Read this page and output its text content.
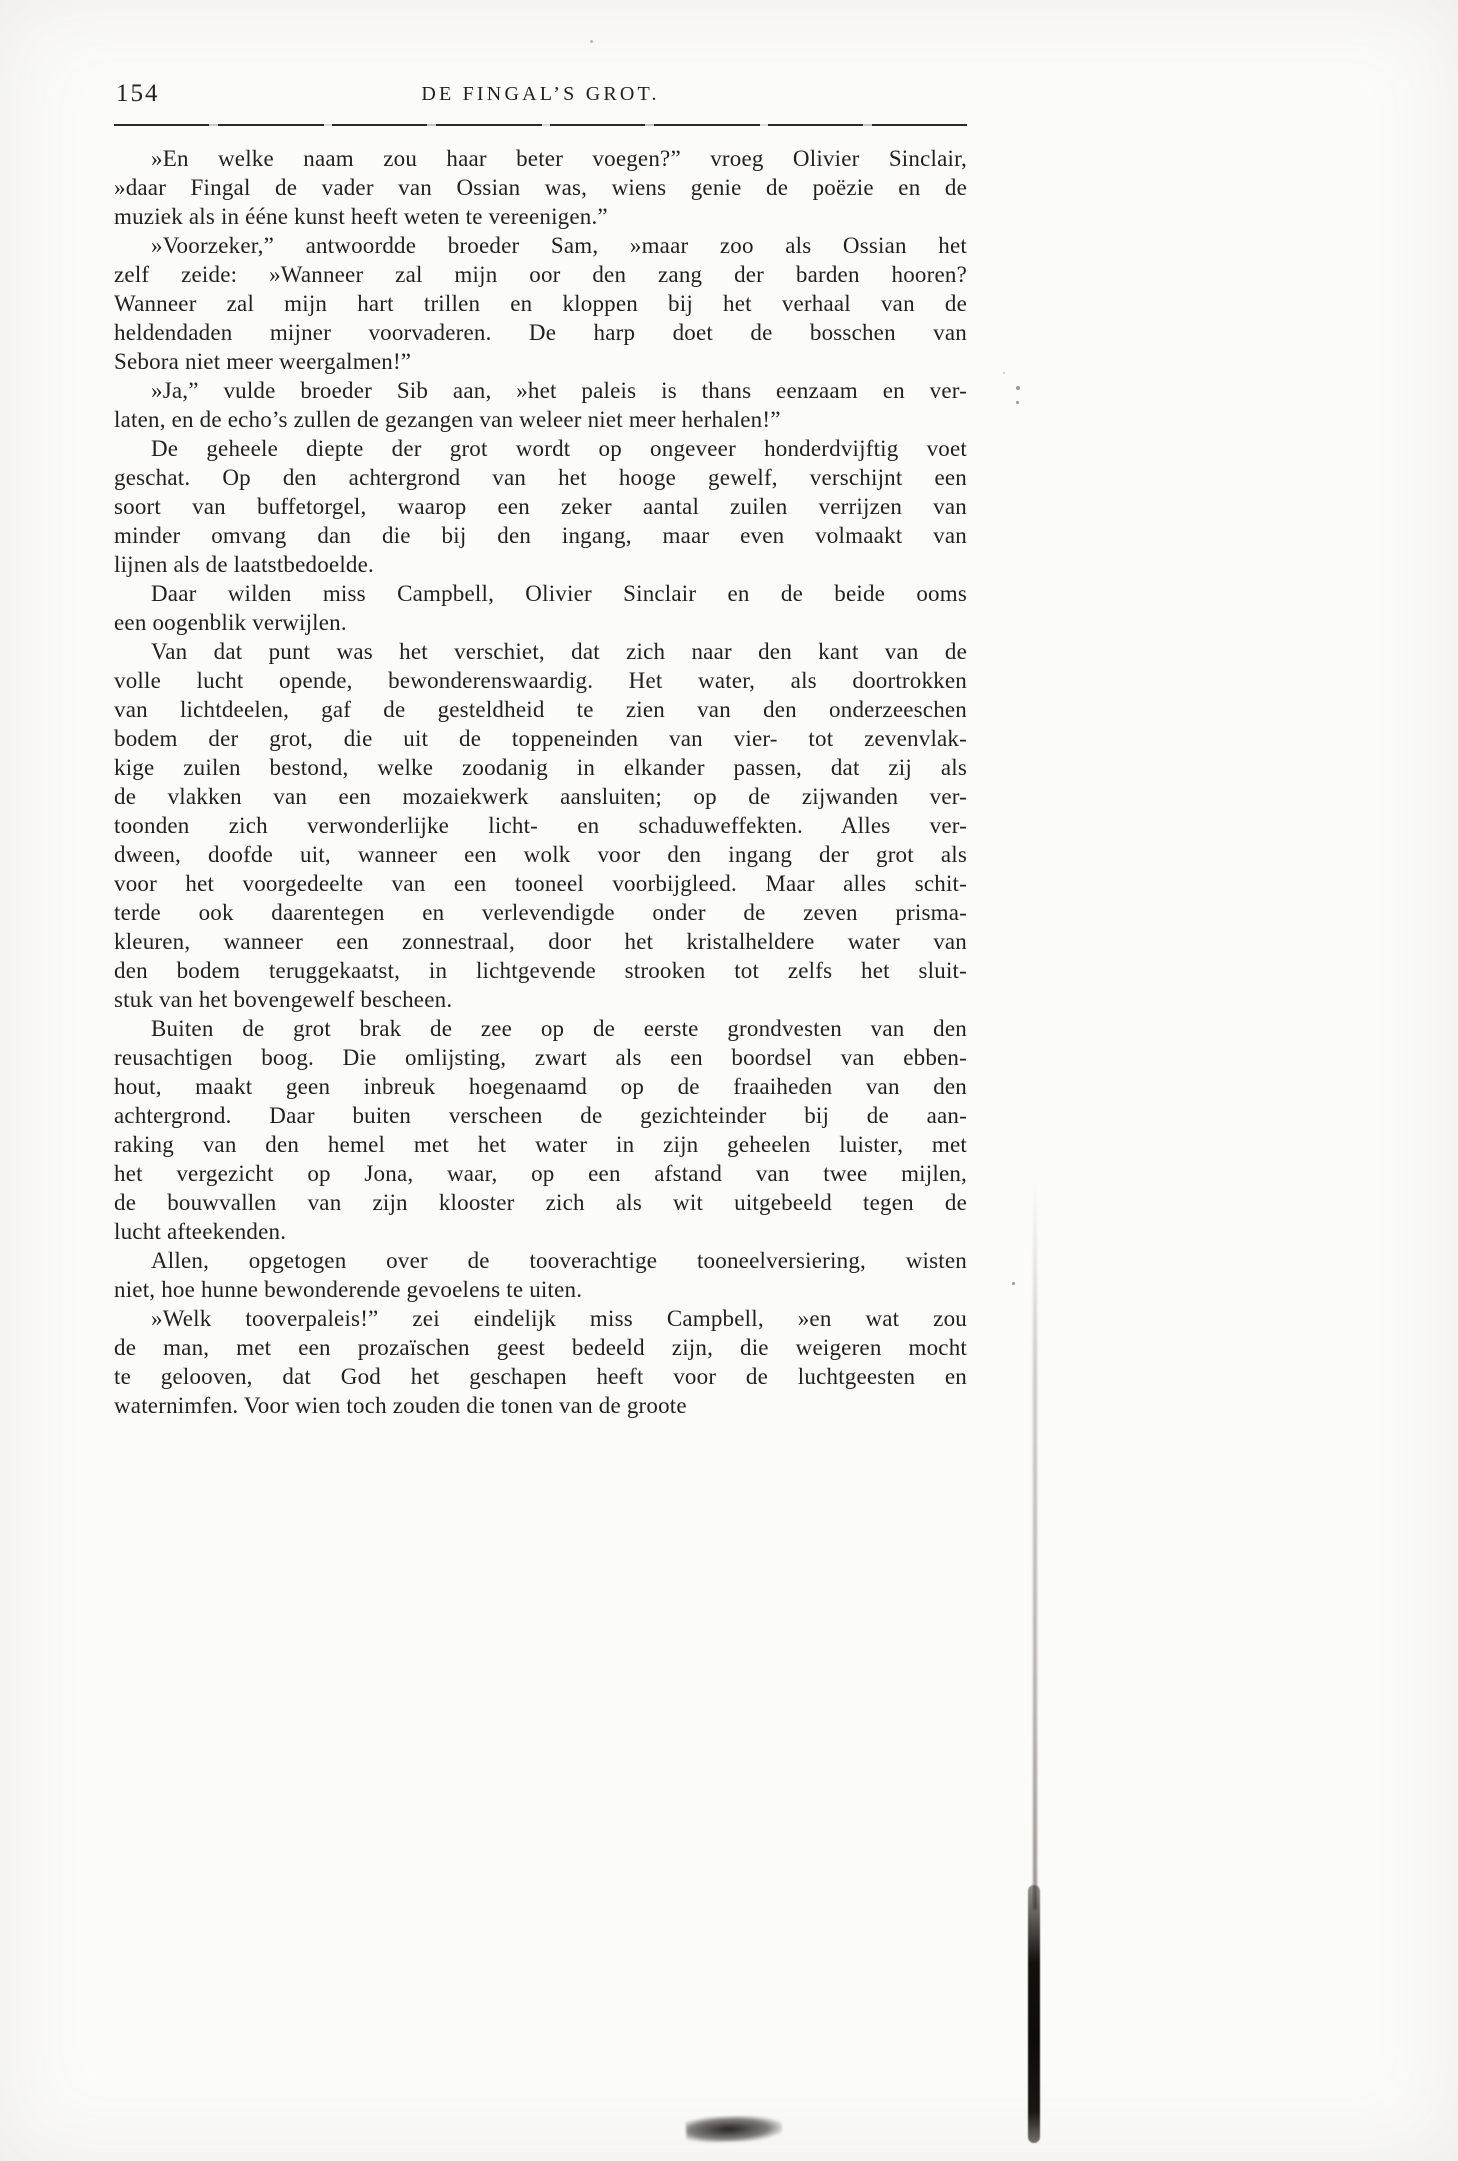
154	DE FINGAL’S GROT.
»En welke naam zou haar beter voegen?” vroeg Olivier Sinclair,
»daar Fingal de vader van Ossian was, wiens genie de poëzie en de
muziek als in ééne kunst heeft weten te vereenigen.”
»Voorzeker,” antwoordde broeder Sam, »maar zoo als Ossian het
zelf zeide: »Wanneer zal mijn oor den zang der barden hooren?
Wanneer zal mijn hart trillen en kloppen bij het verhaal van de
heldendaden mijner voorvaderen. De harp doet de bosschen van
Sebora niet meer weergalmen!”
»Ja,” vulde broeder Sib aan, »het paleis is thans eenzaam en ver-
laten, en de echo’s zullen de gezangen van weleer niet meer herhalen!”
De geheele diepte der grot wordt op ongeveer honderdvijftig voet
geschat. Op den achtergrond van het hooge gewelf, verschijnt een
soort van buffetorgel, waarop een zeker aantal zuilen verrijzen van
minder omvang dan die bij den ingang, maar even volmaakt van
lijnen als de laatstbedoelde.
Daar wilden miss Campbell, Olivier Sinclair en de beide ooms
een oogenblik verwijlen.
Van dat punt was het verschiet, dat zich naar den kant van de
volle lucht opende, bewonderenswaardig. Het water, als doortrokken
van lichtdeelen, gaf de gesteldheid te zien van den onderzeeschen
bodem der grot, die uit de toppeneinden van vier- tot zevenvlak-
kige zuilen bestond, welke zoodanig in elkander passen, dat zij als
de vlakken van een mozaiekwerk aansluiten; op de zijwanden ver-
toonden zich verwonderlijke licht- en schaduweffekten. Alles ver-
dween, doofde uit, wanneer een wolk voor den ingang der grot als
voor het voorgedeelte van een tooneel voorbijgleed. Maar alles schit-
terde ook daarentegen en verlevendigde onder de zeven prisma-
kleuren, wanneer een zonnestraal, door het kristalheldere water van
den bodem teruggekaatst, in lichtgevende strooken tot zelfs het sluit-
stuk van het bovengewelf bescheen.
Buiten de grot brak de zee op de eerste grondvesten van den
reusachtigen boog. Die omlijsting, zwart als een boordsel van ebben-
hout, maakt geen inbreuk hoegenaamd op de fraaiheden van den
achtergrond. Daar buiten verscheen de gezichteinder bij de aan-
raking van den hemel met het water in zijn geheelen luister, met
het vergezicht op Jona, waar, op een afstand van twee mijlen,
de bouwvallen van zijn klooster zich als wit uitgebeeld tegen de
lucht afteekenden.
Allen, opgetogen over de tooverachtige tooneelversiering, wisten
niet, hoe hunne bewonderende gevoelens te uiten.
»Welk tooverpaleis!” zei eindelijk miss Campbell, »en wat zou
de man, met een prozaïschen geest bedeeld zijn, die weigeren mocht
te gelooven, dat God het geschapen heeft voor de luchtgeesten en
waternimfen. Voor wien toch zouden die tonen van de groote
